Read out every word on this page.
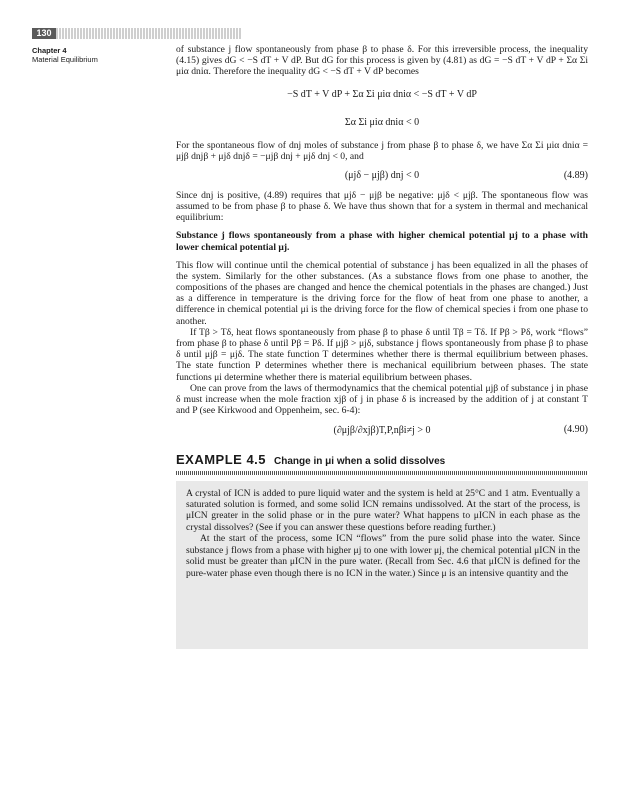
130
Chapter 4
Material Equilibrium

of substance j flow spontaneously from phase β to phase δ. For this irreversible process, the inequality (4.15) gives dG < −S dT + V dP. But dG for this process is given by (4.81) as dG = −S dT + V dP + Σα Σi μiα dniα. Therefore the inequality dG < −S dT + V dP becomes

−S dT + V dP + Σα Σi μiα dniα < −S dT + V dP
Σα Σi μiα dniα < 0

For the spontaneous flow of dnj moles of substance j from phase β to phase δ, we have Σα Σi μiα dniα = μjβ dnjβ + μjδ dnjδ = −μjβ dnj + μjδ dnj < 0, and

(μjδ − μjβ) dnj < 0	(4.89)

Since dnj is positive, (4.89) requires that μjδ − μjβ be negative: μjδ < μjβ. The spontaneous flow was assumed to be from phase β to phase δ. We have thus shown that for a system in thermal and mechanical equilibrium:

Substance j flows spontaneously from a phase with higher chemical potential μj to a phase with lower chemical potential μj.

This flow will continue until the chemical potential of substance j has been equalized in all the phases of the system. Similarly for the other substances. (As a substance flows from one phase to another, the compositions of the phases are changed and hence the chemical potentials in the phases are changed.) Just as a difference in temperature is the driving force for the flow of heat from one phase to another, a difference in chemical potential μi is the driving force for the flow of chemical species i from one phase to another.

If Tβ > Tδ, heat flows spontaneously from phase β to phase δ until Tβ = Tδ. If Pβ > Pδ, work “flows” from phase β to phase δ until Pβ = Pδ. If μjβ > μjδ, substance j flows spontaneously from phase β to phase δ until μjβ = μjδ. The state function T determines whether there is thermal equilibrium between phases. The state function P determines whether there is mechanical equilibrium between phases. The state functions μi determine whether there is material equilibrium between phases.

One can prove from the laws of thermodynamics that the chemical potential μjβ of substance j in phase δ must increase when the mole fraction xjβ of j in phase δ is increased by the addition of j at constant T and P (see Kirkwood and Oppenheim, sec. 6-4):

(∂μjβ/∂xjβ)T,P,nβi≠j > 0	(4.90)
EXAMPLE 4.5 Change in μi when a solid dissolves

A crystal of ICN is added to pure liquid water and the system is held at 25°C and 1 atm. Eventually a saturated solution is formed, and some solid ICN remains undissolved. At the start of the process, is μICN greater in the solid phase or in the pure water? What happens to μICN in each phase as the crystal dissolves? (See if you can answer these questions before reading further.)

At the start of the process, some ICN “flows” from the pure solid phase into the water. Since substance j flows from a phase with higher μj to one with lower μj, the chemical potential μICN in the solid must be greater than μICN in the pure water. (Recall from Sec. 4.6 that μICN is defined for the pure-water phase even though there is no ICN in the water.) Since μ is an intensive quantity and the
